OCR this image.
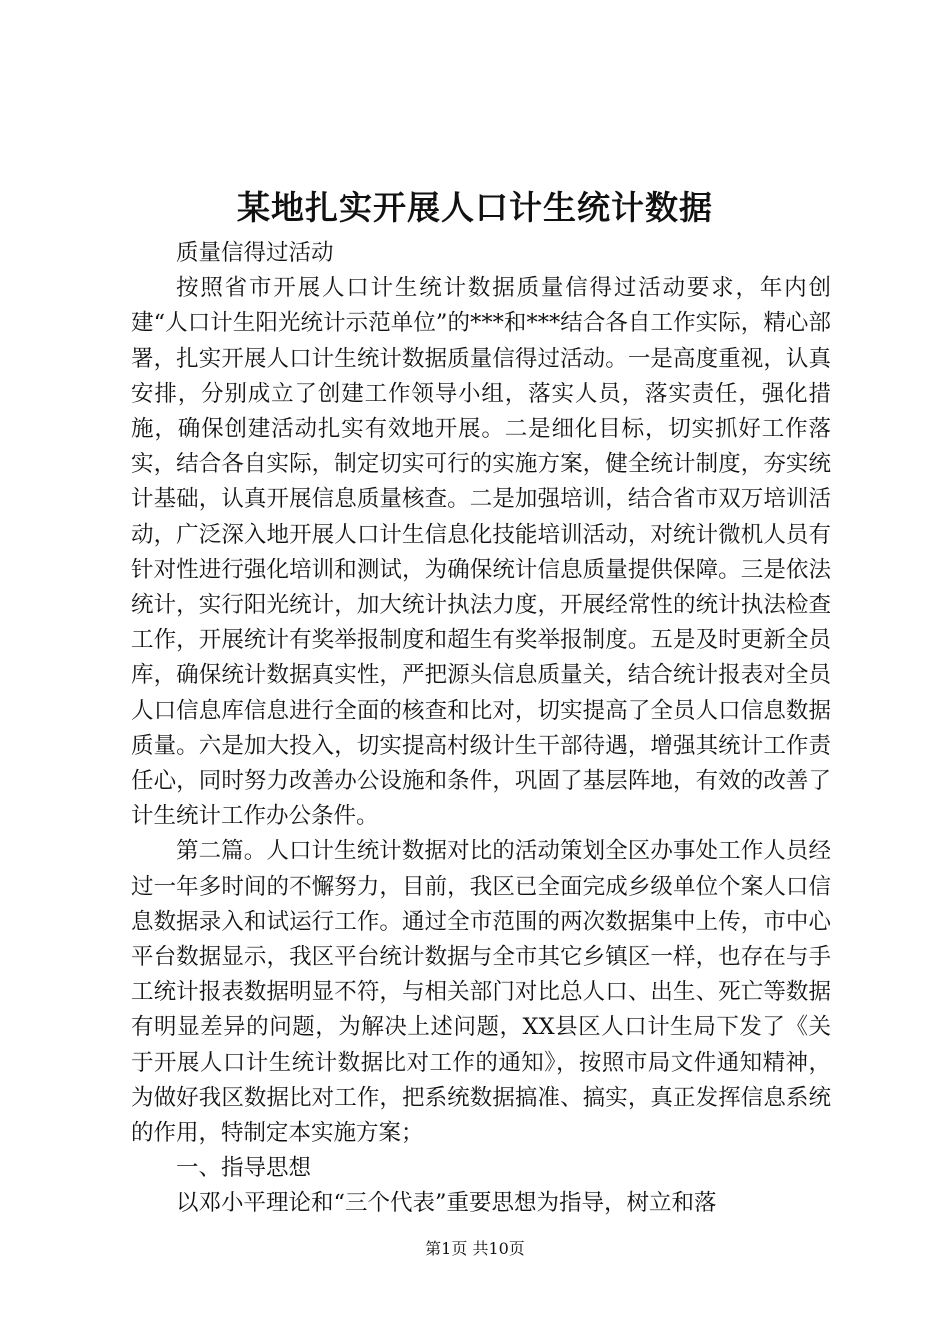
某地扎实开展人口计生统计数据

质量信得过活动

按照省市开展人口计生统计数据质量信得过活动要求，年内创建“人口计生阳光统计示范单位”的***和***结合各自工作实际，精心部署，扎实开展人口计生统计数据质量信得过活动。一是高度重视，认真安排，分别成立了创建工作领导小组，落实人员，落实责任，强化措施，确保创建活动扎实有效地开展。二是细化目标，切实抓好工作落实，结合各自实际，制定切实可行的实施方案，健全统计制度，夯实统计基础，认真开展信息质量核查。二是加强培训，结合省市双万培训活动，广泛深入地开展人口计生信息化技能培训活动，对统计微机人员有针对性进行强化培训和测试，为确保统计信息质量提供保障。三是依法统计，实行阳光统计，加大统计执法力度，开展经常性的统计执法检查工作，开展统计有奖举报制度和超生有奖举报制度。五是及时更新全员库，确保统计数据真实性，严把源头信息质量关，结合统计报表对全员人口信息库信息进行全面的核查和比对，切实提高了全员人口信息数据质量。六是加大投入，切实提高村级计生干部待遇，增强其统计工作责任心，同时努力改善办公设施和条件，巩固了基层阵地，有效的改善了计生统计工作办公条件。

第二篇。人口计生统计数据对比的活动策划全区办事处工作人员经过一年多时间的不懈努力，目前，我区已全面完成乡级单位个案人口信息数据录入和试运行工作。通过全市范围的两次数据集中上传，市中心平台数据显示，我区平台统计数据与全市其它乡镇区一样，也存在与手工统计报表数据明显不符，与相关部门对比总人口、出生、死亡等数据有明显差异的问题，为解决上述问题，XX县区人口计生局下发了《关于开展人口计生统计数据比对工作的通知》，按照市局文件通知精神，为做好我区数据比对工作，把系统数据搞准、搞实，真正发挥信息系统的作用，特制定本实施方案；

一、指导思想

以邓小平理论和“三个代表”重要思想为指导，树立和落

第1页 共10页
